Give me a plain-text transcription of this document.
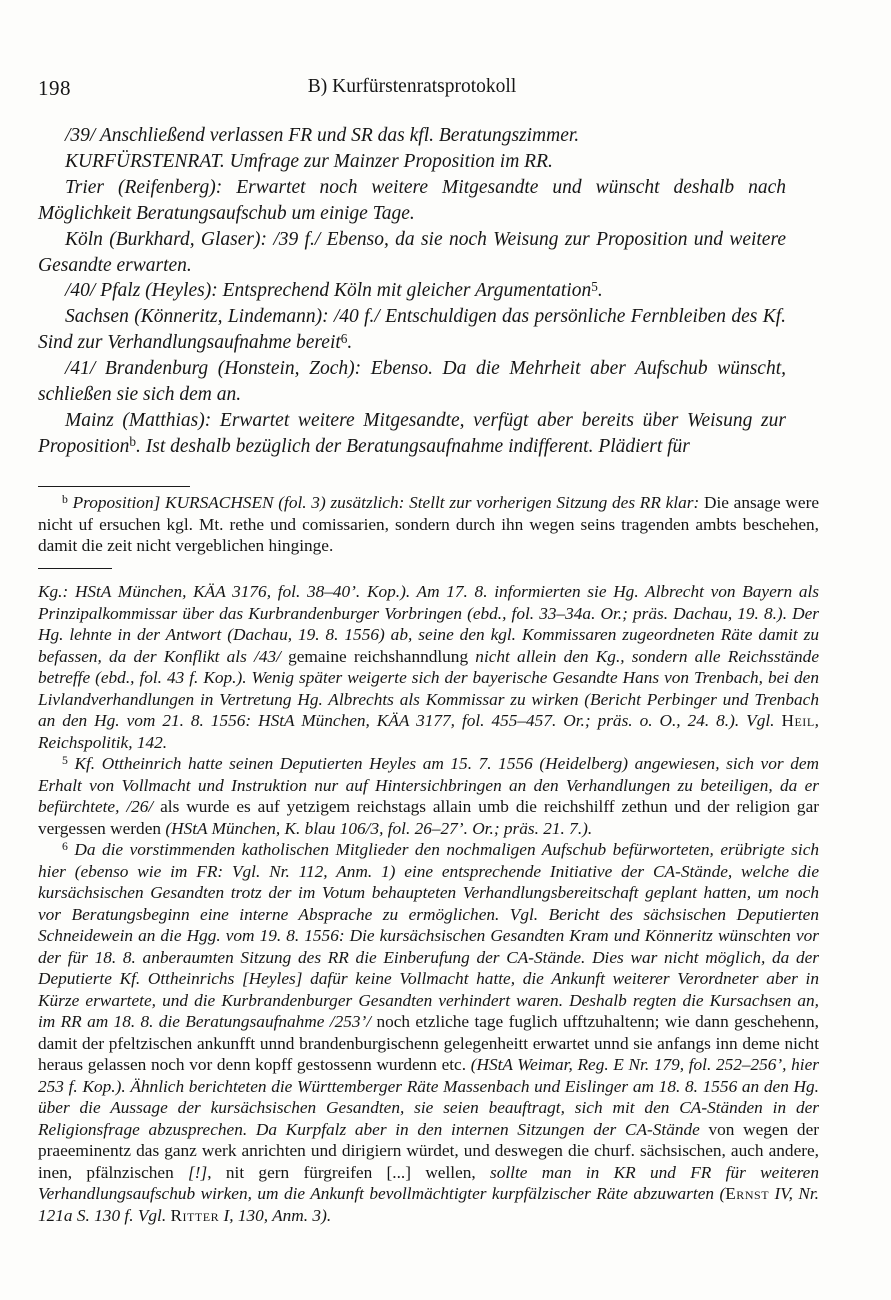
198	B) Kurfürstenratsprotokoll

/39/ Anschließend verlassen FR und SR das kfl. Beratungszimmer.

KURFÜRSTENRAT. Umfrage zur Mainzer Proposition im RR.

Trier (Reifenberg): Erwartet noch weitere Mitgesandte und wünscht deshalb nach Möglichkeit Beratungsaufschub um einige Tage.

Köln (Burkhard, Glaser): /39 f./ Ebenso, da sie noch Weisung zur Proposition und weitere Gesandte erwarten.

/40/ Pfalz (Heyles): Entsprechend Köln mit gleicher Argumentation$^5$.

Sachsen (Könneritz, Lindemann): /40 f./ Entschuldigen das persönliche Fernbleiben des Kf. Sind zur Verhandlungsaufnahme bereit$^6$.

/41/ Brandenburg (Honstein, Zoch): Ebenso. Da die Mehrheit aber Aufschub wünscht, schließen sie sich dem an.

Mainz (Matthias): Erwartet weitere Mitgesandte, verfügt aber bereits über Weisung zur Proposition$^b$. Ist deshalb bezüglich der Beratungsaufnahme indifferent. Plädiert für

$^b$ Proposition] KURSACHSEN (fol. 3) zusätzlich: Stellt zur vorherigen Sitzung des RR klar: Die ansage were nicht uf ersuchen kgl. Mt. rethe und comissarien, sondern durch ihn wegen seins tragenden ambts beschehen, damit die zeit nicht vergeblichen hinginge.

Kg.: HStA München, KÄA 3176, fol. 38–40’. Kop.). Am 17. 8. informierten sie Hg. Albrecht von Bayern als Prinzipalkommissar über das Kurbrandenburger Vorbringen (ebd., fol. 33–34a. Or.; präs. Dachau, 19. 8.). Der Hg. lehnte in der Antwort (Dachau, 19. 8. 1556) ab, seine den kgl. Kommissaren zugeordneten Räte damit zu befassen, da der Konflikt als /43/ gemaine reichshanndlung nicht allein den Kg., sondern alle Reichsstände betreffe (ebd., fol. 43 f. Kop.). Wenig später weigerte sich der bayerische Gesandte Hans von Trenbach, bei den Livlandverhandlungen in Vertretung Hg. Albrechts als Kommissar zu wirken (Bericht Perbinger und Trenbach an den Hg. vom 21. 8. 1556: HStA München, KÄA 3177, fol. 455–457. Or.; präs. o. O., 24. 8.). Vgl. Heil, Reichspolitik, 142.

$^5$ Kf. Ottheinrich hatte seinen Deputierten Heyles am 15. 7. 1556 (Heidelberg) angewiesen, sich vor dem Erhalt von Vollmacht und Instruktion nur auf Hintersichbringen an den Verhandlungen zu beteiligen, da er befürchtete, /26/ als wurde es auf yetzigem reichstags allain umb die reichshilff zethun und der religion gar vergessen werden (HStA München, K. blau 106/3, fol. 26–27’. Or.; präs. 21. 7.).

$^6$ Da die vorstimmenden katholischen Mitglieder den nochmaligen Aufschub befürworteten, erübrigte sich hier (ebenso wie im FR: Vgl. Nr. 112, Anm. 1) eine entsprechende Initiative der CA-Stände, welche die kursächsischen Gesandten trotz der im Votum behaupteten Verhandlungsbereitschaft geplant hatten, um noch vor Beratungsbeginn eine interne Absprache zu ermöglichen. Vgl. Bericht des sächsischen Deputierten Schneidewein an die Hgg. vom 19. 8. 1556: Die kursächsischen Gesandten Kram und Könneritz wünschten vor der für 18. 8. anberaumten Sitzung des RR die Einberufung der CA-Stände. Dies war nicht möglich, da der Deputierte Kf. Ottheinrichs [Heyles] dafür keine Vollmacht hatte, die Ankunft weiterer Verordneter aber in Kürze erwartete, und die Kurbrandenburger Gesandten verhindert waren. Deshalb regten die Kursachsen an, im RR am 18. 8. die Beratungsaufnahme /253’/ noch etzliche tage fuglich ufftzuhaltenn; wie dann geschehenn, damit der pfeltzischen ankunfft unnd brandenburgischenn gelegenheitt erwartet unnd sie anfangs inn deme nicht heraus gelassen noch vor denn kopff gestossenn wurdenn etc. (HStA Weimar, Reg. E Nr. 179, fol. 252–256’, hier 253 f. Kop.). Ähnlich berichteten die Württemberger Räte Massenbach und Eislinger am 18. 8. 1556 an den Hg. über die Aussage der kursächsischen Gesandten, sie seien beauftragt, sich mit den CA-Ständen in der Religionsfrage abzusprechen. Da Kurpfalz aber in den internen Sitzungen der CA-Stände von wegen der praeeminentz das ganz werk anrichten und dirigiern würdet, und deswegen die churf. sächsischen, auch andere, inen, pfälnzischen [!], nit gern fürgreifen [...] wellen, sollte man in KR und FR für weiteren Verhandlungsaufschub wirken, um die Ankunft bevollmächtigter kurpfälzischer Räte abzuwarten (Ernst IV, Nr. 121a S. 130 f. Vgl. Ritter I, 130, Anm. 3).
